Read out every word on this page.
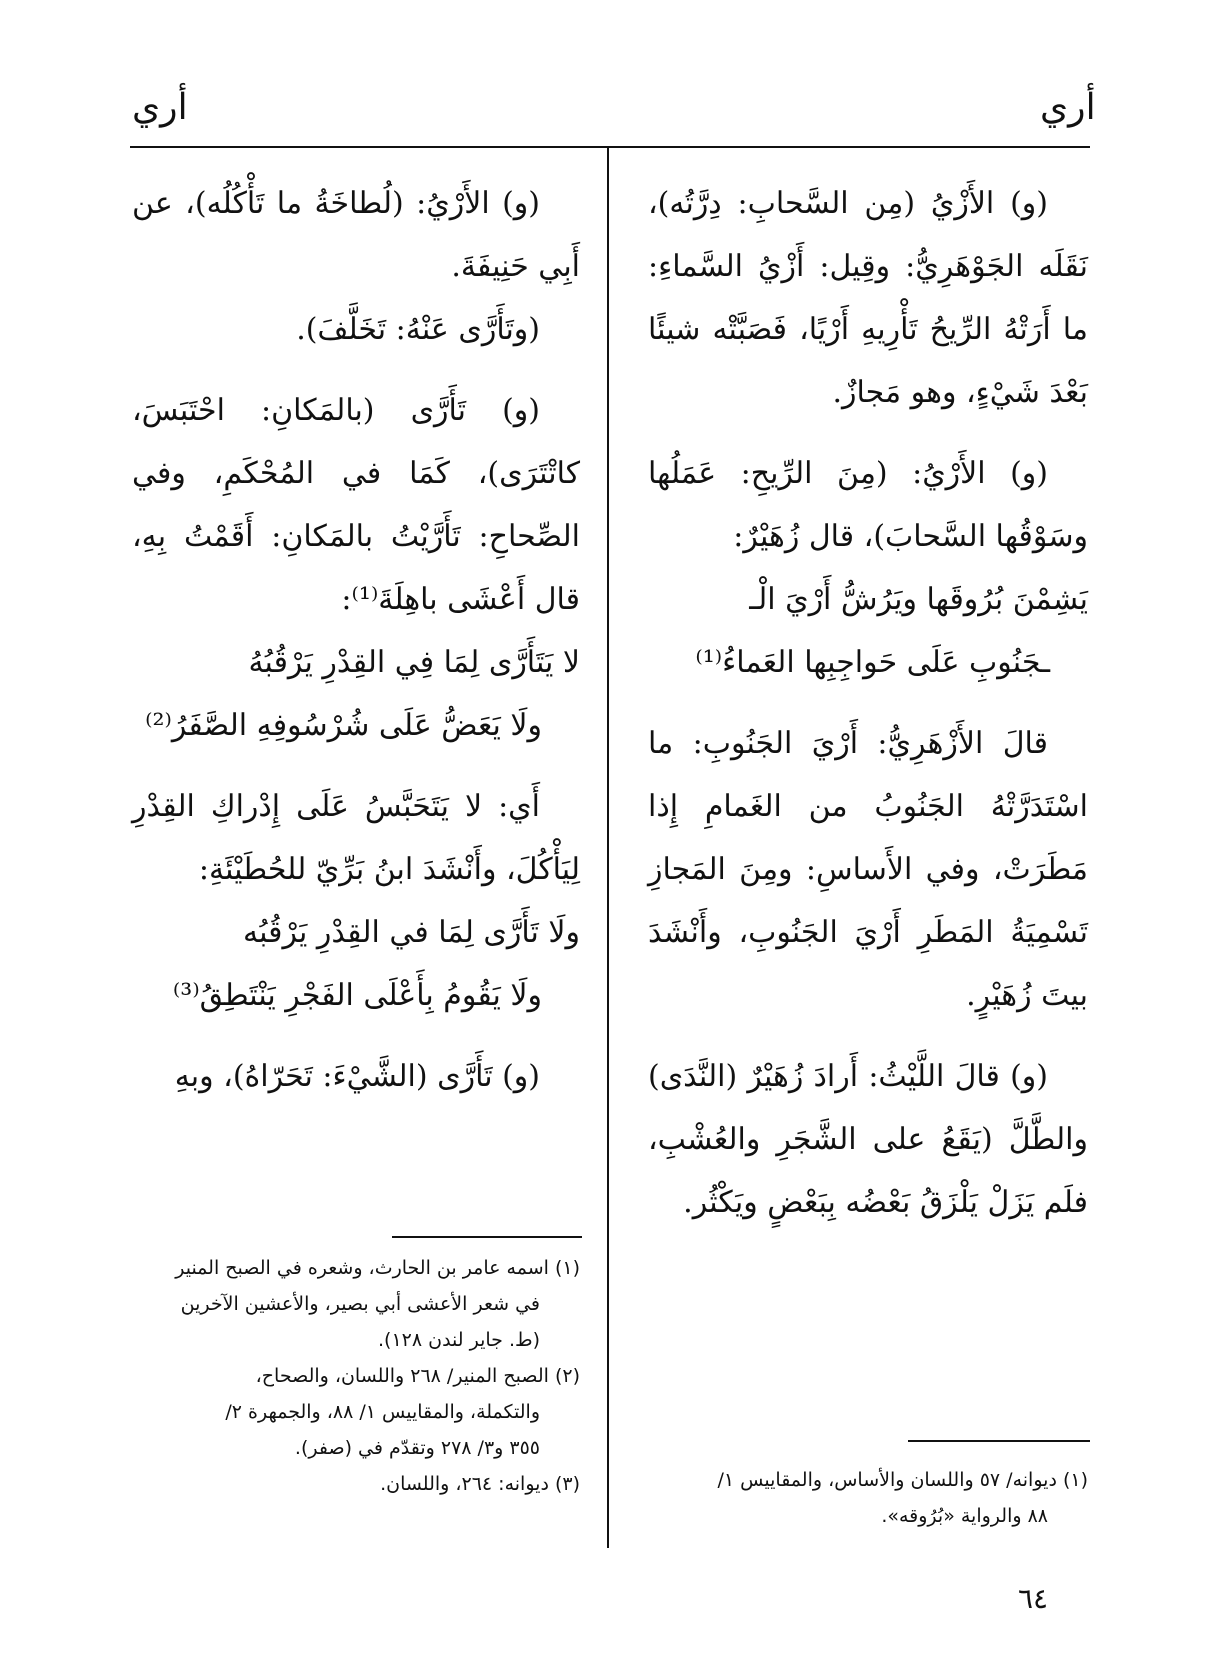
أري
أري

(و) الأَزْيُ (مِن السَّحابِ: دِرَّتُه)، نَقَلَه الجَوْهَرِيُّ: وقِيل: أَزْيُ السَّماءِ: ما أَرَتْهُ الرِّيحُ تَأْرِيهِ أَرْيًا، فَصَبَّتْه شيئًا بَعْدَ شَيْءٍ، وهو مَجازٌ.

(و) الأَرْيُ: (مِنَ الرِّيحِ: عَمَلُها وسَوْقُها السَّحابَ)، قال زُهَيْرٌ:

يَشِمْنَ بُرُوقَها ويَرُشُّ أَرْيَ الْـ

ـجَنُوبِ عَلَى حَواجِبِها العَماءُ⁽¹⁾

قالَ الأَزْهَرِيُّ: أَرْيَ الجَنُوبِ: ما اسْتَدَرَّتْهُ الجَنُوبُ من الغَمامِ إِذا مَطَرَتْ، وفي الأَساسِ: ومِنَ المَجازِ تَسْمِيَةُ المَطَرِ أَرْيَ الجَنُوبِ، وأَنْشَدَ بيتَ زُهَيْرٍ.

(و) قالَ اللَّيْثُ: أَرادَ زُهَيْرٌ (النَّدَى) والطَّلَّ (يَقَعُ على الشَّجَرِ والعُشْبِ، فلَم يَزَلْ يَلْزَقُ بَعْضُه بِبَعْضٍ ويَكْثُر.

(و) الأَرْيُ: (لُطاخَةُ ما تَأْكُلُه)، عن أَبِي حَنِيفَةَ.

(وتَأَرَّى عَنْهُ: تَخَلَّفَ).

(و) تَأَرَّى (بالمَكانِ: احْتَبَسَ، كاتْتَرَى)، كَمَا في المُحْكَمِ، وفي الصِّحاحِ: تَأَرَّيْتُ بالمَكانِ: أَقَمْتُ بِهِ، قال أَعْشَى باهِلَةَ⁽¹⁾:

لا يَتَأَرَّى لِمَا فِي القِدْرِ يَرْقُبُهُ

ولَا يَعَضُّ عَلَى شُرْسُوفِهِ الصَّفَرُ⁽²⁾

أَي: لا يَتَحَبَّسُ عَلَى إِدْراكِ القِدْرِ لِيَأْكُلَ، وأَنْشَدَ ابنُ بَرِّيّ للحُطَيْئَةِ:

ولَا تَأَرَّى لِمَا في القِدْرِ يَرْقُبُه

ولَا يَقُومُ بِأَعْلَى الفَجْرِ يَنْتَطِقُ⁽³⁾

(و) تَأَرَّى (الشَّيْءَ: تَحَرّاهُ)، وبهِ

(١) اسمه عامر بن الحارث، وشعره في الصبح المنير

في شعر الأعشى أبي بصير، والأعشين الآخرين

(ط. جاير لندن ١٢٨).

(٢) الصبح المنير/ ٢٦٨ واللسان، والصحاح،

والتكملة، والمقاييس ١/ ٨٨، والجمهرة ٢/

٣٥٥ و٣/ ٢٧٨ وتقدّم في (صفر).

(٣) ديوانه: ٢٦٤، واللسان.	(١) ديوانه/ ٥٧ واللسان والأساس، والمقاييس ١/

٨٨ والرواية «بُرُوقه».

٦٤
